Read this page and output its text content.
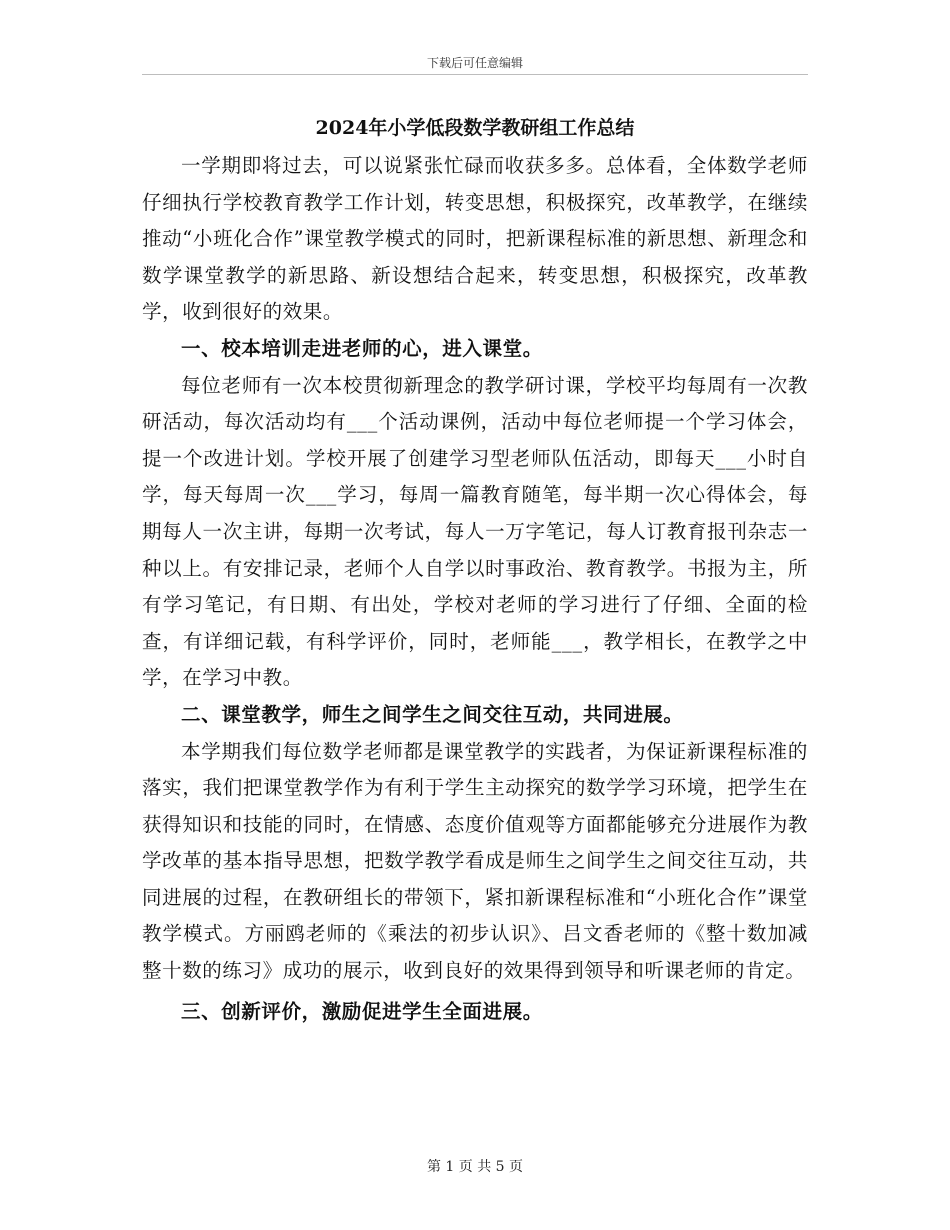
下载后可任意编辑
2024年小学低段数学教研组工作总结

一学期即将过去，可以说紧张忙碌而收获多多。总体看，全体数学老师仔细执行学校教育教学工作计划，转变思想，积极探究，改革教学，在继续推动“小班化合作”课堂教学模式的同时，把新课程标准的新思想、新理念和数学课堂教学的新思路、新设想结合起来，转变思想，积极探究，改革教学，收到很好的效果。

一、校本培训走进老师的心，进入课堂。

每位老师有一次本校贯彻新理念的教学研讨课，学校平均每周有一次教研活动，每次活动均有___个活动课例，活动中每位老师提一个学习体会，提一个改进计划。学校开展了创建学习型老师队伍活动，即每天___小时自学，每天每周一次___学习，每周一篇教育随笔，每半期一次心得体会，每期每人一次主讲，每期一次考试，每人一万字笔记，每人订教育报刊杂志一种以上。有安排记录，老师个人自学以时事政治、教育教学。书报为主，所有学习笔记，有日期、有出处，学校对老师的学习进行了仔细、全面的检查，有详细记载，有科学评价，同时，老师能___，教学相长，在教学之中学，在学习中教。

二、课堂教学，师生之间学生之间交往互动，共同进展。

本学期我们每位数学老师都是课堂教学的实践者，为保证新课程标准的落实，我们把课堂教学作为有利于学生主动探究的数学学习环境，把学生在获得知识和技能的同时，在情感、态度价值观等方面都能够充分进展作为教学改革的基本指导思想，把数学教学看成是师生之间学生之间交往互动，共同进展的过程，在教研组长的带领下，紧扣新课程标准和“小班化合作”课堂教学模式。方丽鸥老师的《乘法的初步认识》、吕文香老师的《整十数加减整十数的练习》成功的展示，收到良好的效果得到领导和听课老师的肯定。

三、创新评价，激励促进学生全面进展。

第 1 页 共 5 页
